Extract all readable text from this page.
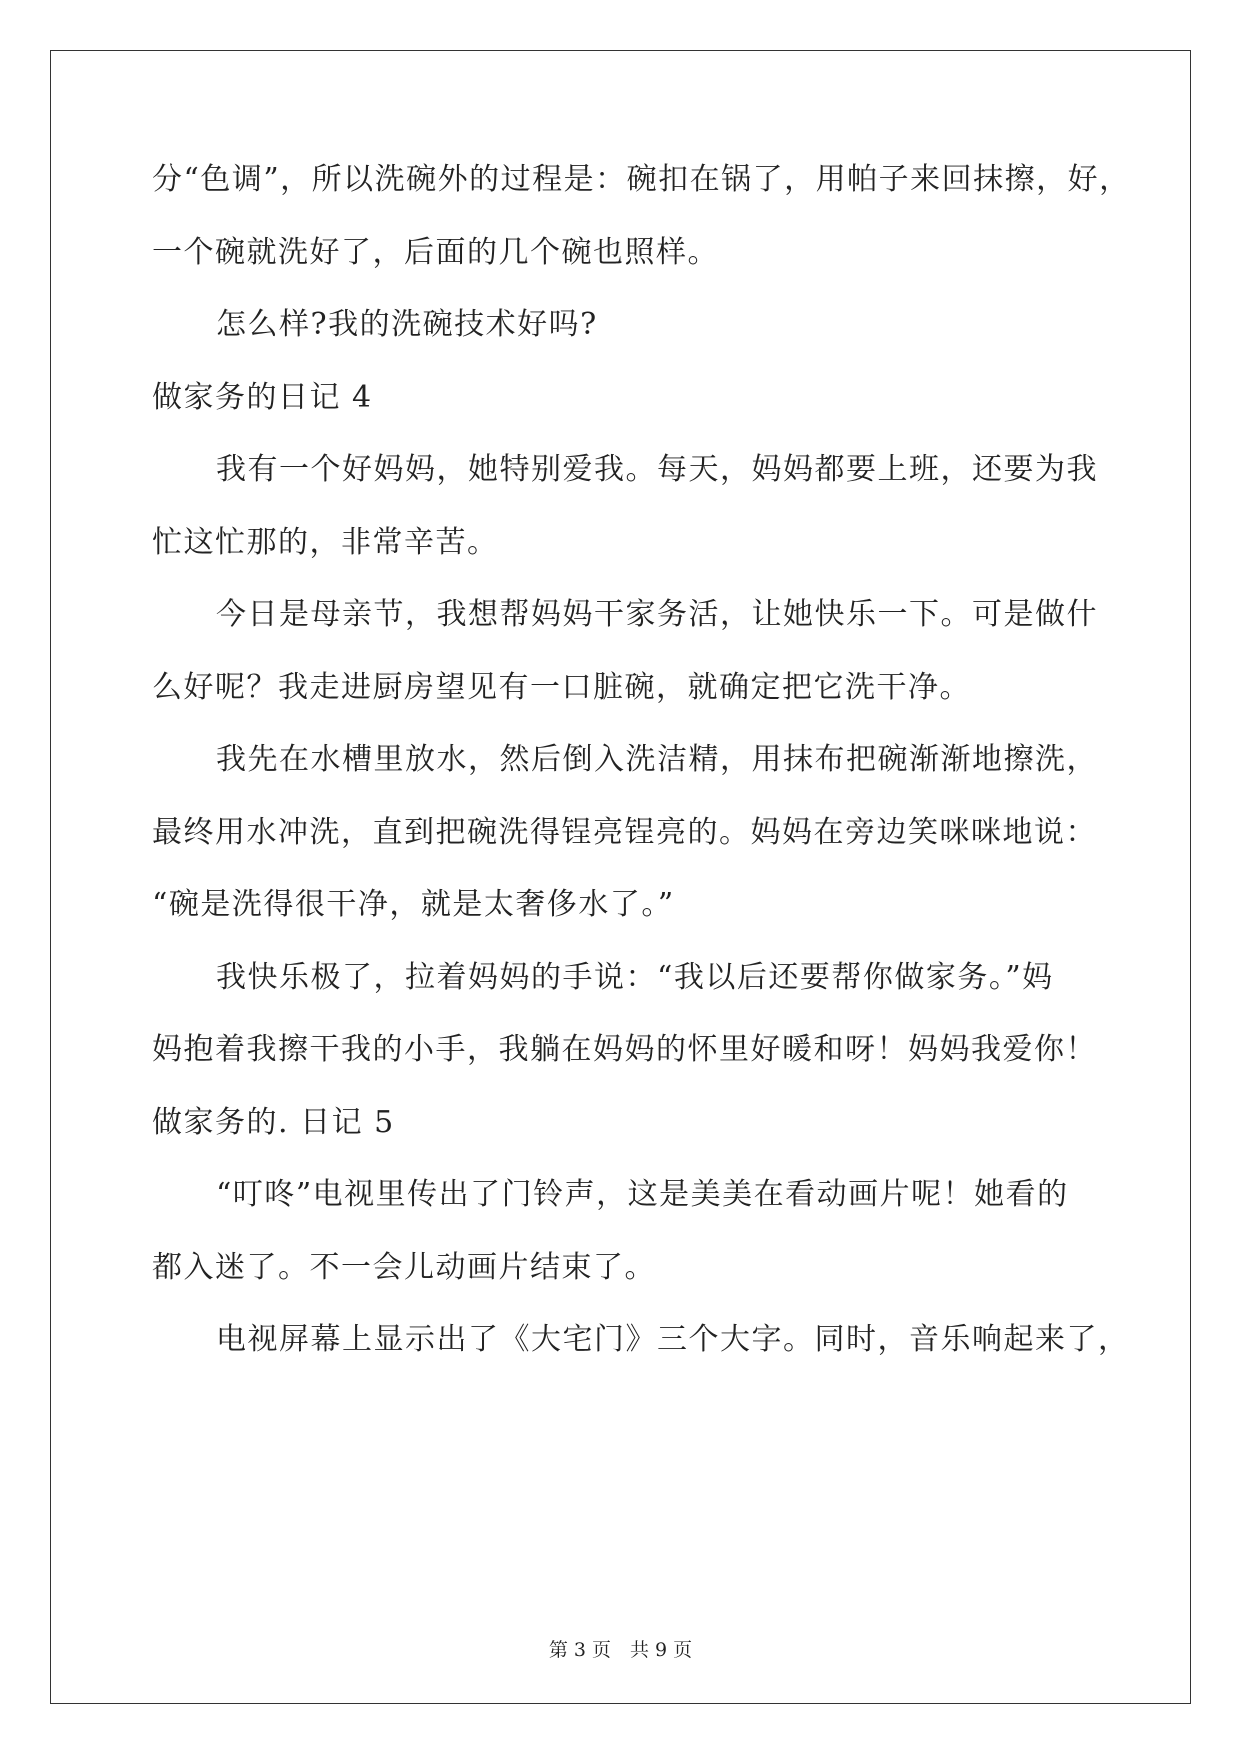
分“色调”，所以洗碗外的过程是：碗扣在锅了，用帕子来回抹擦，好，

一个碗就洗好了，后面的几个碗也照样。

怎么样?我的洗碗技术好吗?

做家务的日记 4

我有一个好妈妈，她特别爱我。每天，妈妈都要上班，还要为我

忙这忙那的，非常辛苦。

今日是母亲节，我想帮妈妈干家务活，让她快乐一下。可是做什

么好呢？我走进厨房望见有一口脏碗，就确定把它洗干净。

我先在水槽里放水，然后倒入洗洁精，用抹布把碗渐渐地擦洗，

最终用水冲洗，直到把碗洗得锃亮锃亮的。妈妈在旁边笑咪咪地说：

“碗是洗得很干净，就是太奢侈水了。”

我快乐极了，拉着妈妈的手说：“我以后还要帮你做家务。”妈

妈抱着我擦干我的小手，我躺在妈妈的怀里好暖和呀！妈妈我爱你！

做家务的. 日记 5

“叮咚”电视里传出了门铃声，这是美美在看动画片呢！她看的

都入迷了。不一会儿动画片结束了。

电视屏幕上显示出了《大宅门》三个大字。同时，音乐响起来了，

第 3 页　共 9 页
